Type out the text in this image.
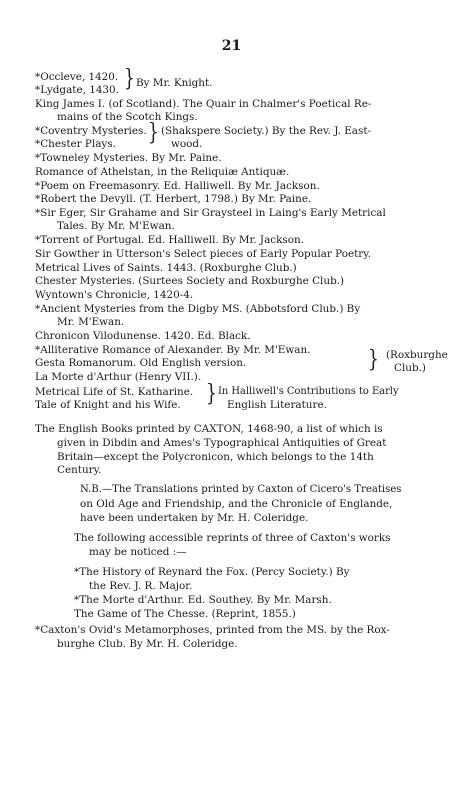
21
*Occleve, 1420. } By Mr. Knight.
*Lydgate, 1430.
King James I. (of Scotland). The Quair in Chalmer's Poetical Re-
mains of the Scotch Kings.
*Coventry Mysteries. } (Shakspere Society.) By the Rev. J. East-
*Chester Plays.	wood.
*Towneley Mysteries. By Mr. Paine.
Romance of Athelstan, in the Reliquiæ Antiquæ.
*Poem on Freemasonry. Ed. Halliwell. By Mr. Jackson.
*Robert the Devyll. (T. Herbert, 1798.) By Mr. Paine.
*Sir Eger, Sir Grahame and Sir Graysteel in Laing's Early Metrical
Tales. By Mr. M'Ewan.
*Torrent of Portugal. Ed. Halliwell. By Mr. Jackson.
Sir Gowther in Utterson's Select pieces of Early Popular Poetry.
Metrical Lives of Saints. 1443. (Roxburghe Club.)
Chester Mysteries. (Surtees Society and Roxburghe Club.)
Wyntown's Chronicle, 1420-4.
*Ancient Mysteries from the Digby MS. (Abbotsford Club.) By
Mr. M'Ewan.
Chronicon Vilodunense. 1420. Ed. Black.
*Alliterative Romance of Alexander. By Mr. M'Ewan.	} (Roxburghe
Gesta Romanorum. Old English version.	Club.)
La Morte d'Arthur (Henry VII.).
Metrical Life of St. Katharine. } In Halliwell's Contributions to Early
Tale of Knight and his Wife.	English Literature.
The English Books printed by CAXTON, 1468-90, a list of which is
given in Dibdin and Ames's Typographical Antiquities of Great
Britain—except the Polycronicon, which belongs to the 14th
Century.
N.B.—The Translations printed by Caxton of Cicero's Treatises
on Old Age and Friendship, and the Chronicle of Englande,
have been undertaken by Mr. H. Coleridge.
The following accessible reprints of three of Caxton's works
may be noticed :—
*The History of Reynard the Fox. (Percy Society.) By
the Rev. J. R. Major.
*The Morte d'Arthur. Ed. Southey. By Mr. Marsh.
The Game of The Chesse. (Reprint, 1855.)
*Caxton's Ovid's Metamorphoses, printed from the MS. by the Rox-
burghe Club. By Mr. H. Coleridge.
